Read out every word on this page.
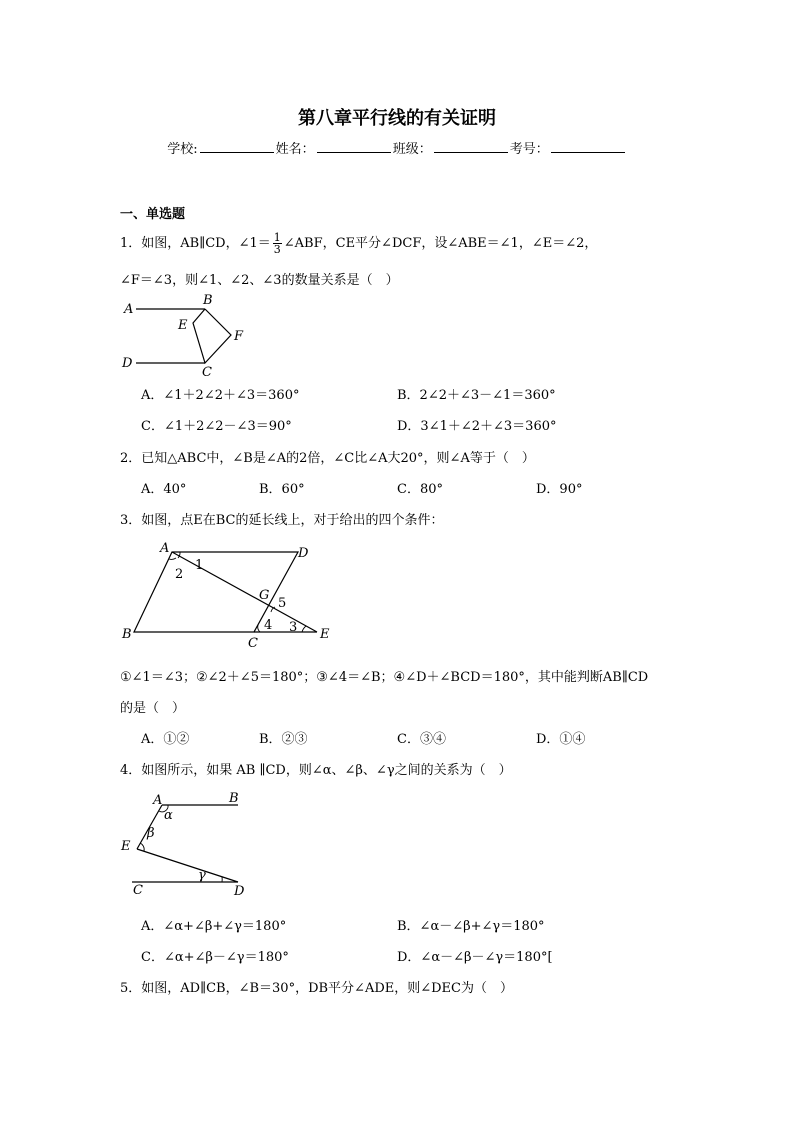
第八章平行线的有关证明
学校:	姓名：	班级：	考号：
一、单选题
1．如图，AB∥CD，∠1＝ $\frac{1}{3}$ ∠ABF，CE平分∠DCF，设∠ABE＝∠1，∠E＝∠2，
∠F＝∠3，则∠1、∠2、∠3的数量关系是（　）
A
B
E
F
D
C
A．∠1＋2∠2＋∠3＝360°	B．2∠2＋∠3－∠1＝360°
C．∠1＋2∠2－∠3＝90°	D．3∠1＋∠2＋∠3＝360°
2．已知△ABC中，∠B是∠A的2倍，∠C比∠A大20°，则∠A等于（　）
A．40°	B．60°	C．80°	D．90°
3．如图，点E在BC的延长线上，对于给出的四个条件：
A	D
B
C
E
G
1
2
3
4
5
①∠1＝∠3；②∠2＋∠5＝180°；③∠4＝∠B；④∠D＋∠BCD＝180°，其中能判断AB∥CD
的是（　）
A．①②	B．②③	C．③④	D．①④
4．如图所示，如果 AB ∥CD，则∠α、∠β、∠γ之间的关系为（　）
A	B
E
C	D
α
β
γ
A．∠α+∠β+∠γ＝180°	B．∠α－∠β+∠γ＝180°
C．∠α+∠β－∠γ＝180°	D．∠α－∠β－∠γ＝180°[
5．如图，AD∥CB，∠B＝30°，DB平分∠ADE，则∠DEC为（　）
